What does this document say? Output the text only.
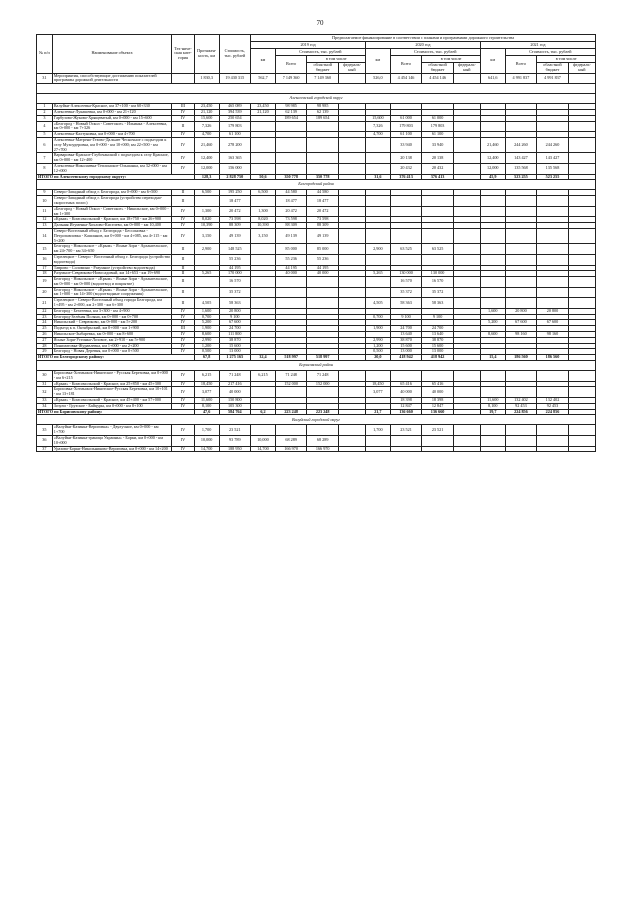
70
№ п/п	Наименование объекта	Тех-ниче-ская кате-гория	Протяжен-ность, км	Стоимость, тыс. рублей	Предполагаемое финансирование в соответствии с планами и программами дорожного строительства											
					2019 год				2020 год				2021 год			
					км	Стоимость, тыс. рублей			км	Стоимость, тыс. рублей			км	Стоимость, тыс. рублей		
						Всего	в том числе			Всего	в том числе			Всего	в том числе	
							областной бюджет	федераль-ный			областной бюджет	федераль-ный			областной бюджет	федераль-ный
31	Мероприятия, способствующие достижению показателей программы дорожной деятельности		1 830,3	19 430 315	562,7	7 149 360	7 149 360		526,0	4 454 146	4 454 146		641,6	4 991 837	4 991 837	

Алексеевский городской округ																
1	Валуйки-Алексеевка-Красное, км 37+100 - км 60+330	III	23,450	465 089	23,450	98 985	98 985									
2	Алексеевка-Лукашевка, км 0+000 - км 21+120	IV	21,120	394 539	21,120	62 139	62 139									
3	Гарбузово-Жуково-Хрящеватый, км 0+000 - км 15+600	IV	15,600	250 654		189 654	189 654		15,600	61 000	61 000					
4	«Белгород - Новый Оскол - Советское» - Ильинка - Алексеевка, км 0+000 - км 7+326	II	7,326	179 803					7,326	179 803	179 803					
5	Алексеевка-Калтуновка, км 0+000 - км 4+700	IV	4,700	61 100					4,700	61 100	61 100					
6	Алексеевка-Матрено-Гезово-Дальнее Чесночное с подъездом к селу Мухоудеровка, км 0+000 - км 10+000; км 22+500 - км 27+700	IV	21,460	278 200						33 940	33 940		21,460	244 260	244 260	
7	Варваровка-Красное-Глубочанский с подъездом к селу Красное, км 0+000 - км 12+400	IV	12,400	163 365						20 138	20 138		12,400	143 427	143 427	
8	Алексеевка-Николаевка-Теплинское-Ольшанка, км 32+000 - км 12+000	IV	12,000	156 000						20 432	20 432		12,000	135 568	135 568	
ИТОГО по Алексеевскому городскому округу:			128,3	2 828 750	50,6	350 778	350 778		31,6	376 413	376 413		45,9	523 255	523 255	
Белгородский район																
9	Северо-Западный обход г. Белгорода, км 0+000 - км 6+500	II	6,500	195 250	6,500	44 580	44 580									
10	Северо-Западный обход г. Белгорода (устройство переходно-скоростных полос)	II		18 477		18 477	18 477									
11	«Белгород - Новый Оскол - Советское» - Никольское, км 0+000 - км 1+300	IV	1,300	20 472	1,300	20 472	20 472									
12	«Крым» - Комсомольский - Красное, км 18+750 - км 26+900	IV	8,020	73 598	8,020	73 598	73 598									
13	Дальняя Игуменка-Хохлово-Киселево, км 0+000 - км 10,400	IV	10,390	88 309	10,390	88 309	88 309									
14	Северо-Восточный обход г. Белгорода - Бессоновка - Петропавловка - Кашлянов, км 0+000 - км 4+085, км 4+115 - км 5+200	IV	3,150	49 139	3,150	49 139	49 139									
15	Белгород - Никольское - «Крым» - Ясные Зори - Архангельское, км 24+700 - км 34+650	II	2,900	148 525		85 000	85 000		2,900	63 525	63 525					
16	Стрелецкое - Северо - Восточный обход г. Белгорода (устройство водоотвода)	II		55 236		55 236	55 236									
17	Таврово - Соломино - Разумное (устройство водоотвода)	II		44 195		44 195	44 195									
18	Разумное-Севрюково-Новосадовый, км 14+653 - км 19+690	II	5,265	170 000		40 000	40 000		5,265	130 000	130 000					
19	Белгород - Никольское - «Крым» - Ясные Зори - Архангельское, км 0+000 - км 0+000 (водоотвод и покрытие)	II		16 570						16 570	16 570					
20	Белгород - Никольское - «Крым» - Ясные Зори - Архангельское, км 1+000 - км 14+300 (водоотводные сооружения)	II		35 372						35 372	35 372					
21	Стрелецкое - Северо-Восточный обход города Белгорода, км 1+495 - км 2+000, км 2+300 - км 6+300	II	4,505	58 363					4,505	58 363	58 363					
22	Белгород - Бехтеевка, км 3+300 - км 4+900	IV	1,600	20 800									1,600	20 800	20 800	
23	Белгород-Зелёная Поляна, км 0+000 - км 0+700	IV	0,700	9 100					0,700	9 100	9 100					
24	Никольский - Севрюково, км 0+000 - км 5+200	IV	5,200	67 600									5,200	67 600	67 600	
25	Подъезд к п. Октябрьский, км 0+000 - км 1+900	III	1,900	24 700					1,900	24 700	24 700					
26	Никольское-Зыбаревка, км 0+000 - км 8+600	IV	8,600	111 800						13 640	13 640		8,600	98 160	98 160	
27	Ясные Зори-Устинка-Лозовое, км 2+910 - км 5+900	IV	2,990	38 870					2,990	38 870	38 870					
28	Пониматовка-Журавлевка, км 1+000 - км 2+200	IV	1,200	15 600					1,200	15 600	15 600					
29	Белгород - Новая Деревня, км 0+000 - км 0+500	IV	0,500	13 000					0,500	13 000	13 000					
ИТОГО по Белгородскому району:			67,8	1 275 165	32,4	518 997	518 997		20,0	418 942	418 942		15,4	186 560	186 560	
Борисовский район																
30	Борисовка-Хотмыжск-Никитское - Русская Березовка, км 0+000 - км 6+215	IV	6,215	71 248	6,215	71 248	71 248									
31	«Крым» - Комсомольский - Красное, км 25+850 - км 45+300	IV	18,450	217 416		152 000	152 000		18,450	65 416	65 416					
32	Борисовка-Хотмыжск-Никитское-Русская Березовка, км 10+101 - км 13+181	IV	3,077	40 000					3,077	40 000	40 000					
33	«Крым» - Комсомольский - Красное, км 45+400 - км 57+000	IV	11,600	150 800						18 398	18 398		11,600	132 402	132 402	
34	Зозули - Грузское - Байцуры, км 0+000 - км 8+100	IV	8,100	105 300						12 847	12 847		8,100	92 453	92 453	
ИТОГО по Борисовскому району:			47,6	584 764	6,2	223 248	223 248		21,7	136 660	136 660		19,7	224 856	224 856	
Валуйский городской округ																
35	«Валуйки-Казинка-Вериговка» - Двулучное, км 0+000 - км 1+700	IV	1,700	23 521					1,700	23 521	23 521					
36	«Валуйки-Казинка-граница Украины» - Борки, км 0+000 - км 10+000	IV	10,000	93 789	10,000	68 289	68 289									
37	Уразово-Борки-Никольниково-Вериговка, км 0+000 - км 14+200	IV	14,700	188 950	14,700	166 970	166 970									
